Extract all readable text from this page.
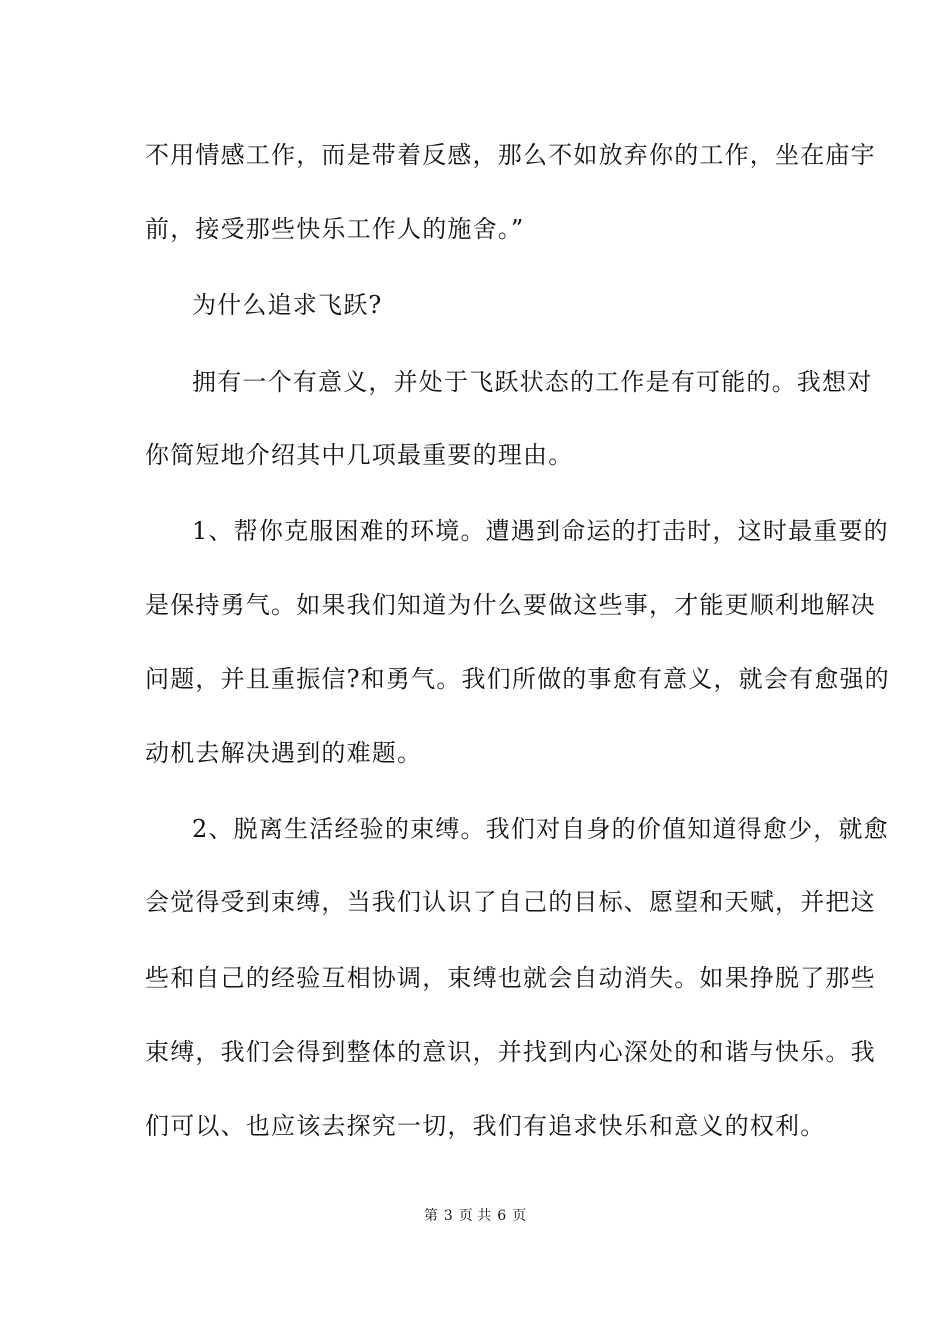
不用情感工作，而是带着反感，那么不如放弃你的工作，坐在庙宇
前，接受那些快乐工作人的施舍。”
为什么追求飞跃?
拥有一个有意义，并处于飞跃状态的工作是有可能的。我想对
你简短地介绍其中几项最重要的理由。
1、帮你克服困难的环境。遭遇到命运的打击时，这时最重要的
是保持勇气。如果我们知道为什么要做这些事，才能更顺利地解决
问题，并且重振信?和勇气。我们所做的事愈有意义，就会有愈强的
动机去解决遇到的难题。
2、脱离生活经验的束缚。我们对自身的价值知道得愈少，就愈
会觉得受到束缚，当我们认识了自己的目标、愿望和天赋，并把这
些和自己的经验互相协调，束缚也就会自动消失。如果挣脱了那些
束缚，我们会得到整体的意识，并找到内心深处的和谐与快乐。我
们可以、也应该去探究一切，我们有追求快乐和意义的权利。
第 3 页 共 6 页
